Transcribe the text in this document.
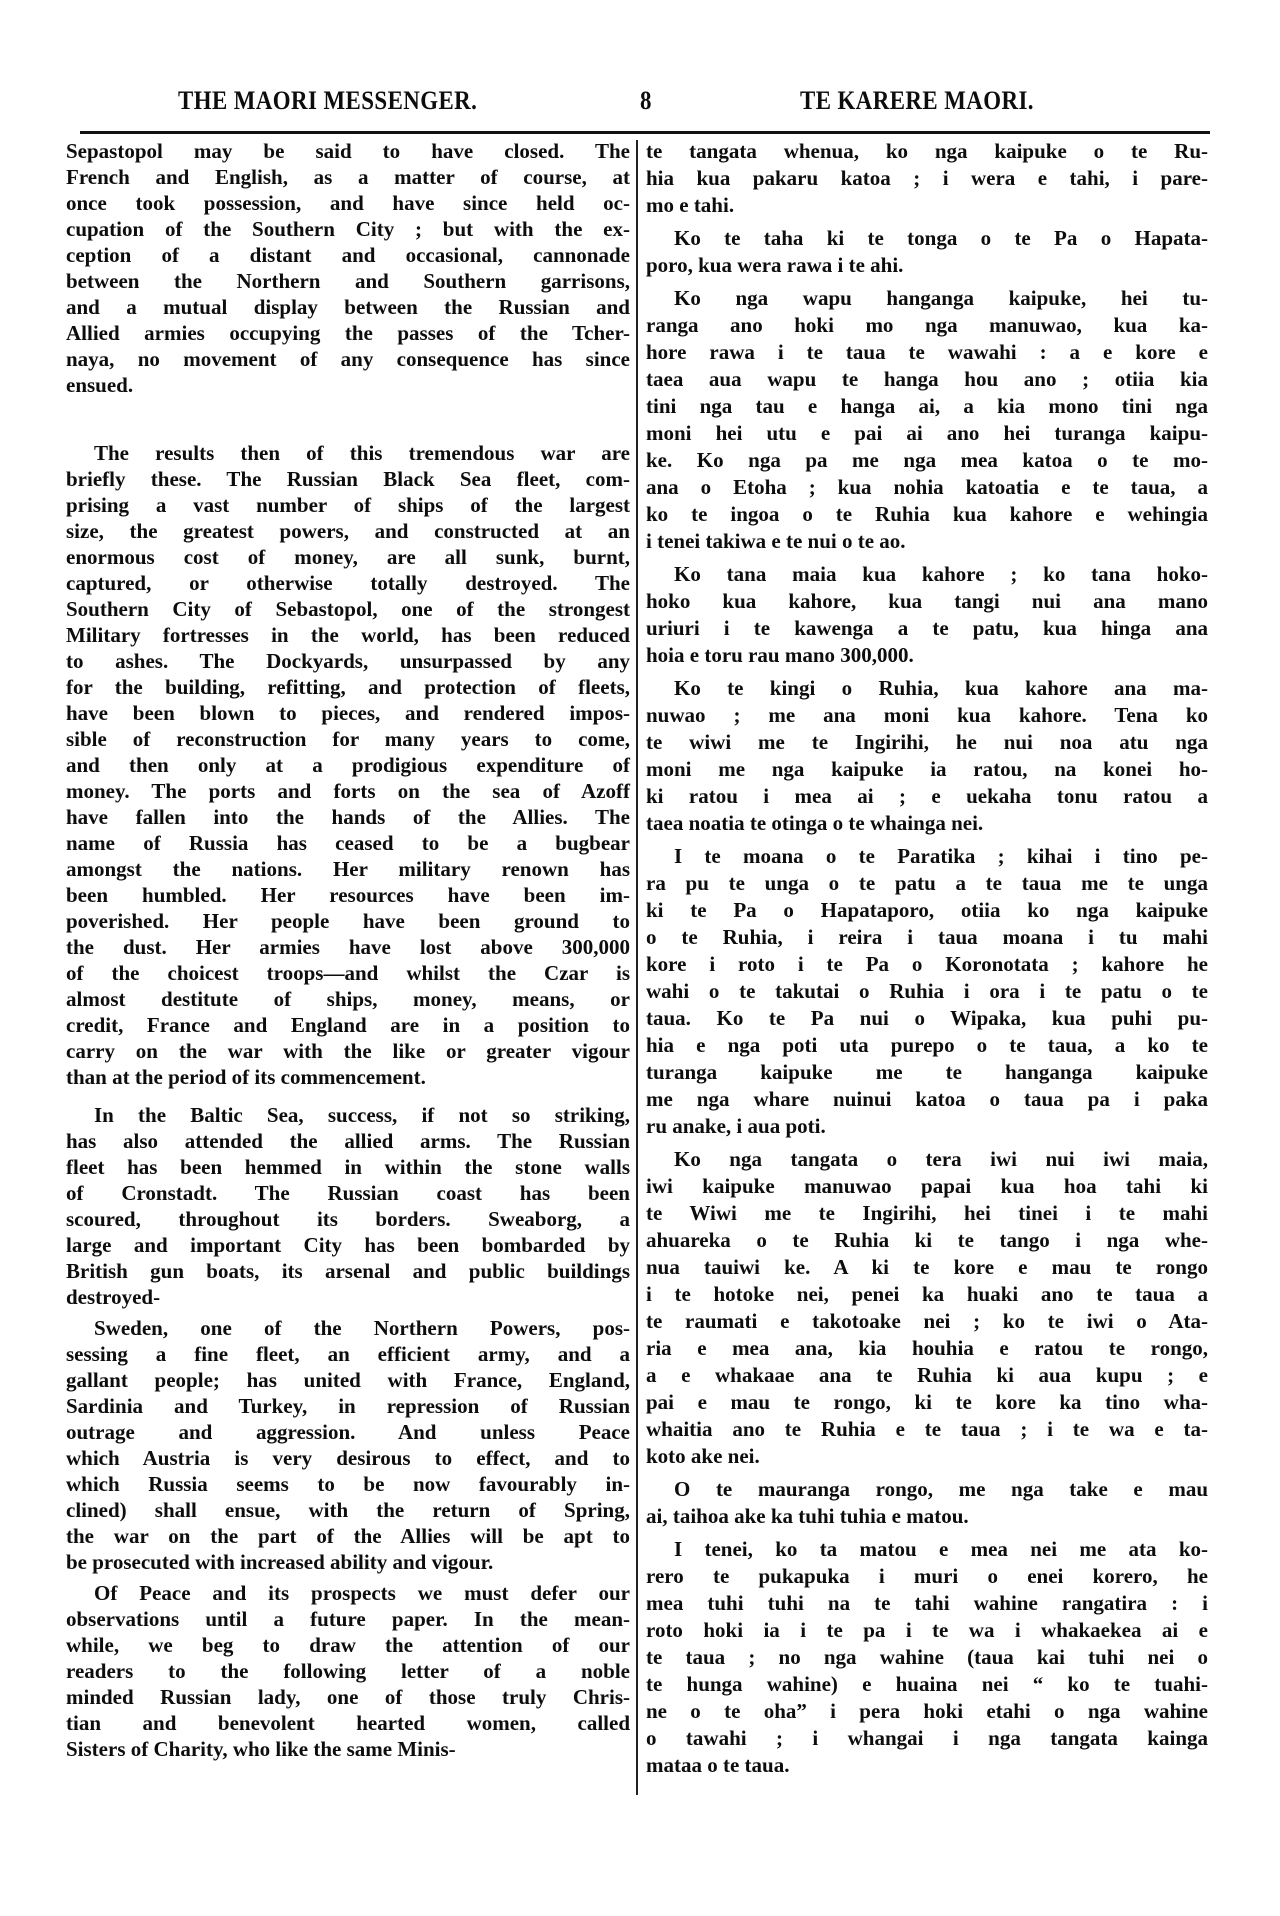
THE MAORI MESSENGER.	8	TE KARERE MAORI.
Sepastopol may be said to have closed. The
French and English, as a matter of course, at
once took possession, and have since held oc-
cupation of the Southern City ; but with the ex-
ception of a distant and occasional, cannonade
between the Northern and Southern garrisons,
and a mutual display between the Russian and
Allied armies occupying the passes of the Tcher-
naya, no movement of any consequence has since
ensued.
The results then of this tremendous war are
briefly these. The Russian Black Sea fleet, com-
prising a vast number of ships of the largest
size, the greatest powers, and constructed at an
enormous cost of money, are all sunk, burnt,
captured, or otherwise totally destroyed. The
Southern City of Sebastopol, one of the strongest
Military fortresses in the world, has been reduced
to ashes. The Dockyards, unsurpassed by any
for the building, refitting, and protection of fleets,
have been blown to pieces, and rendered impos-
sible of reconstruction for many years to come,
and then only at a prodigious expenditure of
money. The ports and forts on the sea of Azoff
have fallen into the hands of the Allies. The
name of Russia has ceased to be a bugbear
amongst the nations. Her military renown has
been humbled. Her resources have been im-
poverished. Her people have been ground to
the dust. Her armies have lost above 300,000
of the choicest troops—and whilst the Czar is
almost destitute of ships, money, means, or
credit, France and England are in a position to
carry on the war with the like or greater vigour
than at the period of its commencement.
In the Baltic Sea, success, if not so striking,
has also attended the allied arms. The Russian
fleet has been hemmed in within the stone walls
of Cronstadt. The Russian coast has been
scoured, throughout its borders. Sweaborg, a
large and important City has been bombarded by
British gun boats, its arsenal and public buildings
destroyed-
Sweden, one of the Northern Powers, pos-
sessing a fine fleet, an efficient army, and a
gallant people; has united with France, England,
Sardinia and Turkey, in repression of Russian
outrage and aggression. And unless Peace
which Austria is very desirous to effect, and to
which Russia seems to be now favourably in-
clined) shall ensue, with the return of Spring,
the war on the part of the Allies will be apt to
be prosecuted with increased ability and vigour.
Of Peace and its prospects we must defer our
observations until a future paper. In the mean-
while, we beg to draw the attention of our
readers to the following letter of a noble
minded Russian lady, one of those truly Chris-
tian and benevolent hearted women, called
Sisters of Charity, who like the same Minis-
te tangata whenua, ko nga kaipuke o te Ru-
hia kua pakaru katoa ; i wera e tahi, i pare-
mo e tahi.
Ko te taha ki te tonga o te Pa o Hapata-
poro, kua wera rawa i te ahi.
Ko nga wapu hanganga kaipuke, hei tu-
ranga ano hoki mo nga manuwao, kua ka-
hore rawa i te taua te wawahi : a e kore e
taea aua wapu te hanga hou ano ; otiia kia
tini nga tau e hanga ai, a kia mono tini nga
moni hei utu e pai ai ano hei turanga kaipu-
ke. Ko nga pa me nga mea katoa o te mo-
ana o Etoha ; kua nohia katoatia e te taua, a
ko te ingoa o te Ruhia kua kahore e wehingia
i tenei takiwa e te nui o te ao.
Ko tana maia kua kahore ; ko tana hoko-
hoko kua kahore, kua tangi nui ana mano
uriuri i te kawenga a te patu, kua hinga ana
hoia e toru rau mano 300,000.
Ko te kingi o Ruhia, kua kahore ana ma-
nuwao ; me ana moni kua kahore. Tena ko
te wiwi me te Ingirihi, he nui noa atu nga
moni me nga kaipuke ia ratou, na konei ho-
ki ratou i mea ai ; e uekaha tonu ratou a
taea noatia te otinga o te whainga nei.
I te moana o te Paratika ; kihai i tino pe-
ra pu te unga o te patu a te taua me te unga
ki te Pa o Hapataporo, otiia ko nga kaipuke
o te Ruhia, i reira i taua moana i tu mahi
kore i roto i te Pa o Koronotata ; kahore he
wahi o te takutai o Ruhia i ora i te patu o te
taua. Ko te Pa nui o Wipaka, kua puhi pu-
hia e nga poti uta purepo o te taua, a ko te
turanga kaipuke me te hanganga kaipuke
me nga whare nuinui katoa o taua pa i paka
ru anake, i aua poti.
Ko nga tangata o tera iwi nui iwi maia,
iwi kaipuke manuwao papai kua hoa tahi ki
te Wiwi me te Ingirihi, hei tinei i te mahi
ahuareka o te Ruhia ki te tango i nga whe-
nua tauiwi ke. A ki te kore e mau te rongo
i te hotoke nei, penei ka huaki ano te taua a
te raumati e takotoake nei ; ko te iwi o Ata-
ria e mea ana, kia houhia e ratou te rongo,
a e whakaae ana te Ruhia ki aua kupu ; e
pai e mau te rongo, ki te kore ka tino wha-
whaitia ano te Ruhia e te taua ; i te wa e ta-
koto ake nei.
O te mauranga rongo, me nga take e mau
ai, taihoa ake ka tuhi tuhia e matou.
I tenei, ko ta matou e mea nei me ata ko-
rero te pukapuka i muri o enei korero, he
mea tuhi tuhi na te tahi wahine rangatira : i
roto hoki ia i te pa i te wa i whakaekea ai e
te taua ; no nga wahine (taua kai tuhi nei o
te hunga wahine) e huaina nei “ ko te tuahi-
ne o te oha” i pera hoki etahi o nga wahine
o tawahi ; i whangai i nga tangata kainga
mataa o te taua.
